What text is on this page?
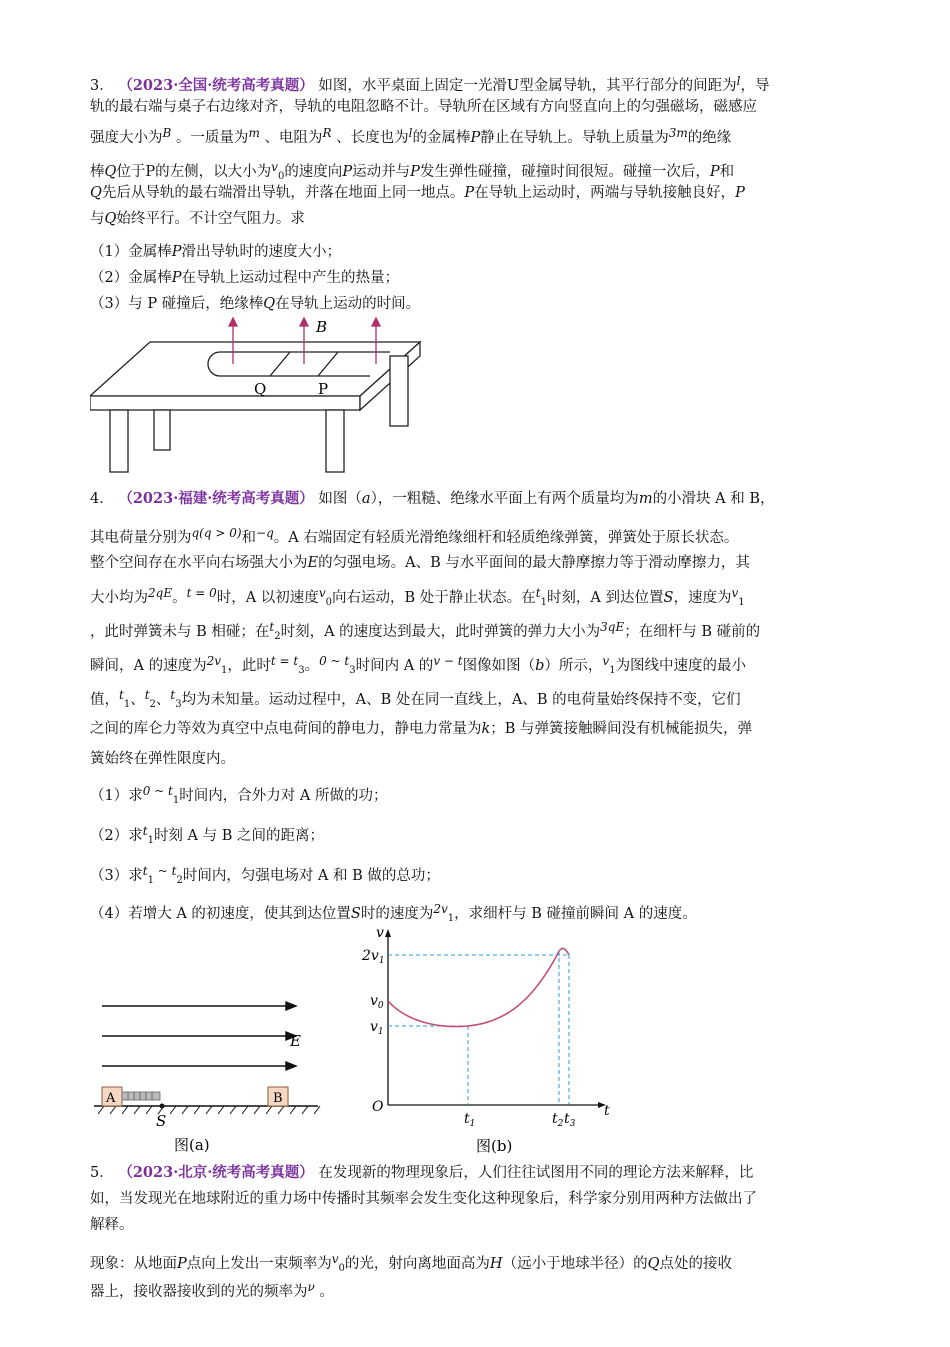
3． （2023·全国·统考高考真题） 如图，水平桌面上固定一光滑U型金属导轨，其平行部分的间距为$^l$，导
轨的最右端与桌子右边缘对齐，导轨的电阻忽略不计。导轨所在区域有方向竖直向上的匀强磁场，磁感应
强度大小为$^B$ 。一质量为$^m$ 、电阻为$^R$ 、长度也为$^l$的金属棒P静止在导轨上。导轨上质量为$^{3m}$的绝缘
棒Q位于P的左侧，以大小为$^v_0$的速度向P运动并与P发生弹性碰撞，碰撞时间很短。碰撞一次后，P和
Q先后从导轨的最右端滑出导轨，并落在地面上同一地点。P在导轨上运动时，两端与导轨接触良好，P
与Q始终平行。不计空气阻力。求
（1）金属棒P滑出导轨时的速度大小；
（2）金属棒P在导轨上运动过程中产生的热量；
（3）与 P 碰撞后，绝缘棒Q在导轨上运动的时间。
B
Q	P
4． （2023·福建·统考高考真题） 如图（a），一粗糙、绝缘水平面上有两个质量均为m的小滑块 A 和 B，
其电荷量分别为$^{q(q > 0)}$和$^{-q}$。A 右端固定有轻质光滑绝缘细杆和轻质绝缘弹簧，弹簧处于原长状态。
整个空间存在水平向右场强大小为E的匀强电场。A、B 与水平面间的最大静摩擦力等于滑动摩擦力，其
大小均为$^{2qE}$。$^{t = 0}$时，A 以初速度$^v_0$向右运动，B 处于静止状态。在$^t_1$时刻，A 到达位置S，速度为$^v_1$
，此时弹簧未与 B 相碰；在$^t_2$时刻，A 的速度达到最大，此时弹簧的弹力大小为$^{3qE}$；在细杆与 B 碰前的
瞬间，A 的速度为$^{2v}_1$，此时$^{t = t}_3$。$^{0 \sim t}_3$时间内 A 的$^{v - t}$图像如图（b）所示，$^v_1$为图线中速度的最小
值，$^t_1$、$^t_2$、$^t_3$均为未知量。运动过程中，A、B 处在同一直线上，A、B 的电荷量始终保持不变，它们
之间的库仑力等效为真空中点电荷间的静电力，静电力常量为k；B 与弹簧接触瞬间没有机械能损失，弹
簧始终在弹性限度内。
（1）求$^{0 \sim t}_1$时间内，合外力对 A 所做的功；
（2）求$^t_1$时刻 A 与 B 之间的距离；
（3）求$^t_1$ ~ $^t_2$时间内，匀强电场对 A 和 B 做的总功；
（4）若增大 A 的初速度，使其到达位置S时的速度为$^{2v}_1$，求细杆与 B 碰撞前瞬间 A 的速度。
E
A
S
B
图(a)
v
t
O
$2v_1$
$v_0$
$v_1$
$t_1$	$t_2$ $t_3$
图(b)
5． （2023·北京·统考高考真题） 在发现新的物理现象后，人们往往试图用不同的理论方法来解释，比
如，当发现光在地球附近的重力场中传播时其频率会发生变化这种现象后，科学家分别用两种方法做出了
解释。
现象：从地面P点向上发出一束频率为$^v_0$的光，射向离地面高为H（远小于地球半径）的Q点处的接收
器上，接收器接收到的光的频率为$^\nu$ 。
